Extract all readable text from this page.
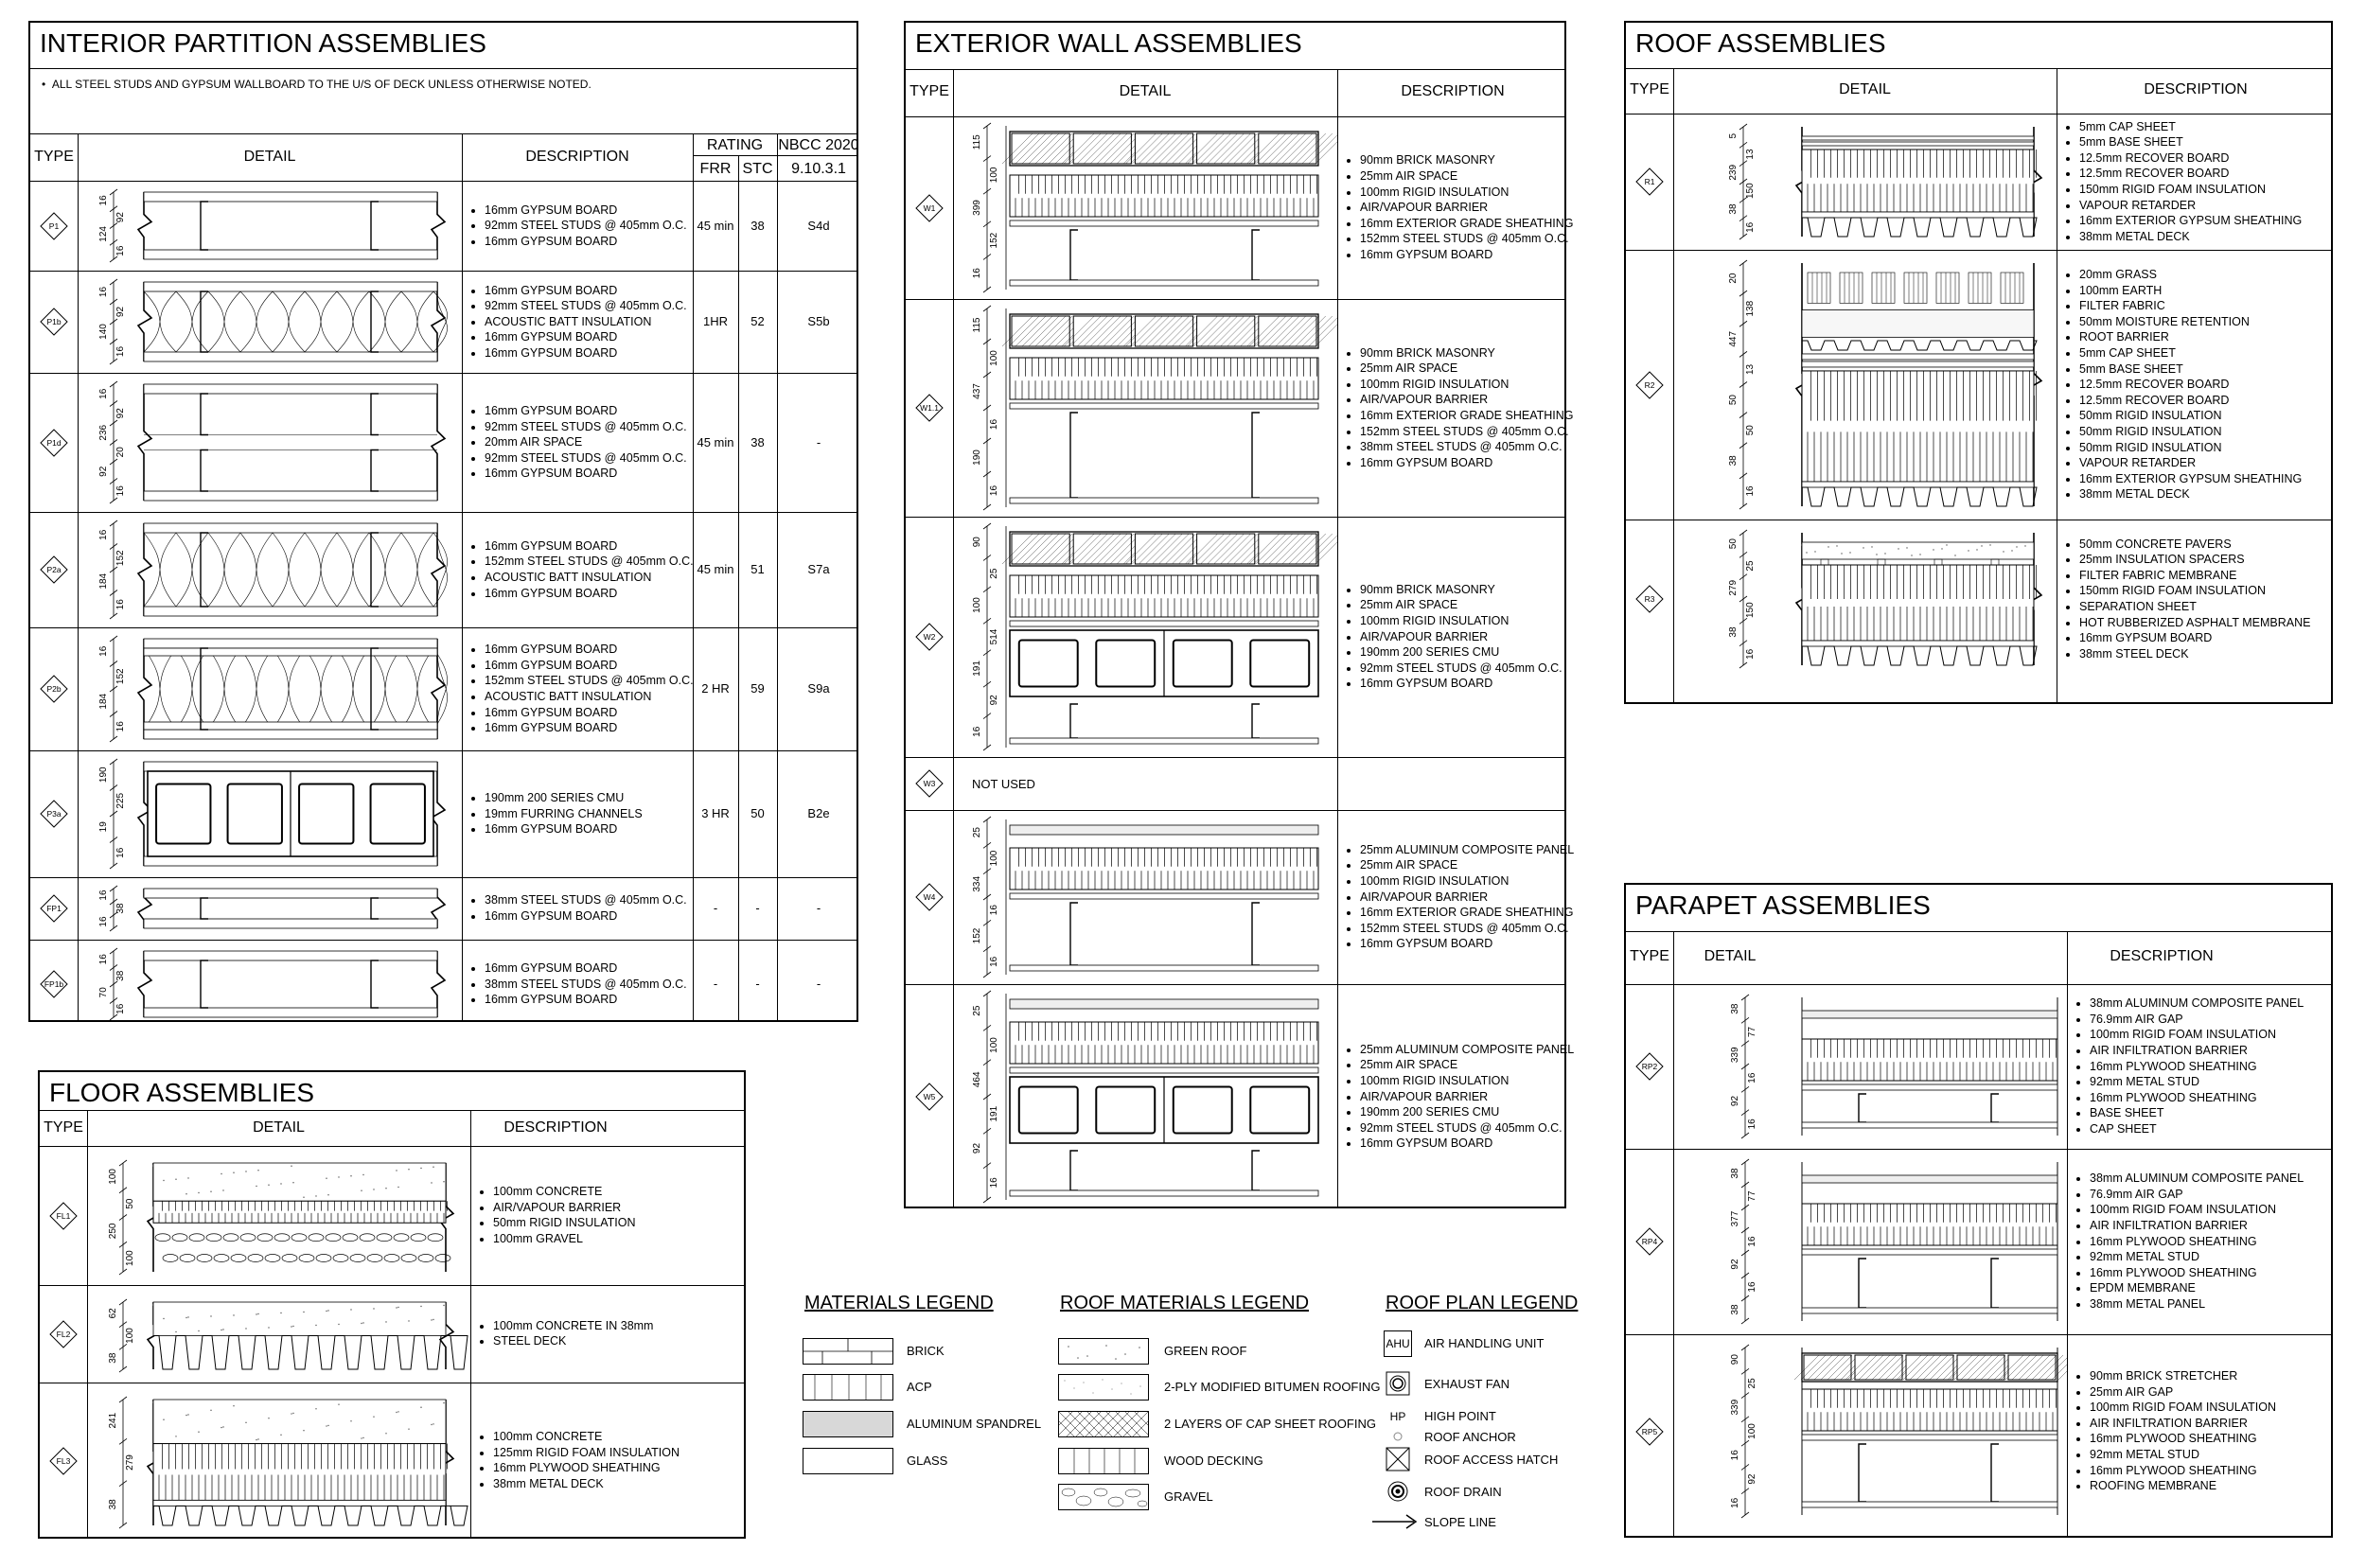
INTERIOR PARTITION ASSEMBLIES
•  ALL STEEL STUDS AND GYPSUM WALLBOARD TO THE U/S OF DECK UNLESS OTHERWISE NOTED.
TYPE	DETAIL	DESCRIPTION
RATING	NBCC 2020
FRR STC	9.10.3.1
P1
16
92
124
16
• 16mm GYPSUM BOARD
• 92mm STEEL STUDS @ 405mm O.C.
• 16mm GYPSUM BOARD
45 min	38	S4d
P1b
16
92
140
16
• 16mm GYPSUM BOARD
• 92mm STEEL STUDS @ 405mm O.C.
• ACOUSTIC BATT INSULATION
• 16mm GYPSUM BOARD
• 16mm GYPSUM BOARD
1HR	52	S5b
P1d
16
92
236
20
92
16
• 16mm GYPSUM BOARD
• 92mm STEEL STUDS @ 405mm O.C.
• 20mm AIR SPACE
• 92mm STEEL STUDS @ 405mm O.C.
• 16mm GYPSUM BOARD
45 min	38	-
P2a
16
152
184
16
• 16mm GYPSUM BOARD
• 152mm STEEL STUDS @ 405mm O.C.
• ACOUSTIC BATT INSULATION
• 16mm GYPSUM BOARD
45 min	51	S7a
P2b
16
152
184
16
• 16mm GYPSUM BOARD
• 16mm GYPSUM BOARD
• 152mm STEEL STUDS @ 405mm O.C.
• ACOUSTIC BATT INSULATION
• 16mm GYPSUM BOARD
• 16mm GYPSUM BOARD
2 HR	59	S9a
P3a
190
225
19
16
• 190mm 200 SERIES CMU
• 19mm FURRING CHANNELS
• 16mm GYPSUM BOARD
3 HR	50	B2e
FP1
16
38
16
• 38mm STEEL STUDS @ 405mm O.C.
• 16mm GYPSUM BOARD
-	-	-
FP1b
16
38
70
16
• 16mm GYPSUM BOARD
• 38mm STEEL STUDS @ 405mm O.C.
• 16mm GYPSUM BOARD
-	-	-
FLOOR ASSEMBLIES
TYPE	DETAIL	DESCRIPTION
FL1
100
50
250
100
• 100mm CONCRETE
• AIR/VAPOUR BARRIER
• 50mm RIGID INSULATION
• 100mm GRAVEL
FL2
62
100
38
• 100mm CONCRETE IN 38mm
• STEEL DECK
FL3
241
279
38
• 100mm CONCRETE
• 125mm RIGID FOAM INSULATION
• 16mm PLYWOOD SHEATHING
• 38mm METAL DECK
EXTERIOR WALL ASSEMBLIES
TYPE	DETAIL	DESCRIPTION
W1
115
100
399
152
16
• 90mm BRICK MASONRY
• 25mm AIR SPACE
• 100mm RIGID INSULATION
• AIR/VAPOUR BARRIER
• 16mm EXTERIOR GRADE SHEATHING
• 152mm STEEL STUDS @ 405mm O.C.
• 16mm GYPSUM BOARD
W1.1
115
100
437
16
190
16
• 90mm BRICK MASONRY
• 25mm AIR SPACE
• 100mm RIGID INSULATION
• AIR/VAPOUR BARRIER
• 16mm EXTERIOR GRADE SHEATHING
• 152mm STEEL STUDS @ 405mm O.C.
• 38mm STEEL STUDS @ 405mm O.C.
• 16mm GYPSUM BOARD
W2
90
25
100
514
191
92
16
• 90mm BRICK MASONRY
• 25mm AIR SPACE
• 100mm RIGID INSULATION
• AIR/VAPOUR BARRIER
• 190mm 200 SERIES CMU
• 92mm STEEL STUDS @ 405mm O.C.
• 16mm GYPSUM BOARD
W3	NOT USED
W4
25
100
334
16
152
16
• 25mm ALUMINUM COMPOSITE PANEL
• 25mm AIR SPACE
• 100mm RIGID INSULATION
• AIR/VAPOUR BARRIER
• 16mm EXTERIOR GRADE SHEATHING
• 152mm STEEL STUDS @ 405mm O.C.
• 16mm GYPSUM BOARD
W5
25
100
464
191
92
16
• 25mm ALUMINUM COMPOSITE PANEL
• 25mm AIR SPACE
• 100mm RIGID INSULATION
• AIR/VAPOUR BARRIER
• 190mm 200 SERIES CMU
• 92mm STEEL STUDS @ 405mm O.C.
• 16mm GYPSUM BOARD
ROOF ASSEMBLIES
TYPE	DETAIL	DESCRIPTION
R1
5
13
239
150
38
16
• 5mm CAP SHEET
• 5mm BASE SHEET
• 12.5mm RECOVER BOARD
• 12.5mm RECOVER BOARD
• 150mm RIGID FOAM INSULATION
• VAPOUR RETARDER
• 16mm EXTERIOR GYPSUM SHEATHING
• 38mm METAL DECK
R2
20
138
447
13
50
50
38
16
• 20mm GRASS
• 100mm EARTH
• FILTER FABRIC
• 50mm MOISTURE RETENTION
• ROOT BARRIER
• 5mm CAP SHEET
• 5mm BASE SHEET
• 12.5mm RECOVER BOARD
• 12.5mm RECOVER BOARD
• 50mm RIGID INSULATION
• 50mm RIGID INSULATION
• 50mm RIGID INSULATION
• VAPOUR RETARDER
• 16mm EXTERIOR GYPSUM SHEATHING
• 38mm METAL DECK
R3
50
25
279
150
38
16
• 50mm CONCRETE PAVERS
• 25mm INSULATION SPACERS
• FILTER FABRIC MEMBRANE
• 150mm RIGID FOAM INSULATION
• SEPARATION SHEET
• HOT RUBBERIZED ASPHALT MEMBRANE
• 16mm GYPSUM BOARD
• 38mm STEEL DECK
PARAPET ASSEMBLIES
TYPE	DETAIL	DESCRIPTION
RP2
38
77
339
16
92
16
• 38mm ALUMINUM COMPOSITE PANEL
• 76.9mm AIR GAP
• 100mm RIGID FOAM INSULATION
• AIR INFILTRATION BARRIER
• 16mm PLYWOOD SHEATHING
• 92mm METAL STUD
• 16mm PLYWOOD SHEATHING
• BASE SHEET
• CAP SHEET
RP4
38
77
377
16
92
16
38
• 38mm ALUMINUM COMPOSITE PANEL
• 76.9mm AIR GAP
• 100mm RIGID FOAM INSULATION
• AIR INFILTRATION BARRIER
• 16mm PLYWOOD SHEATHING
• 92mm METAL STUD
• 16mm PLYWOOD SHEATHING
• EPDM MEMBRANE
• 38mm METAL PANEL
RP5
90
25
339
100
16
92
16
• 90mm BRICK STRETCHER
• 25mm AIR GAP
• 100mm RIGID FOAM INSULATION
• AIR INFILTRATION BARRIER
• 16mm PLYWOOD SHEATHING
• 92mm METAL STUD
• 16mm PLYWOOD SHEATHING
• ROOFING MEMBRANE
MATERIALS LEGEND
BRICK
ACP
ALUMINUM SPANDREL
GLASS
ROOF MATERIALS LEGEND
GREEN ROOF
2-PLY MODIFIED BITUMEN ROOFING
2 LAYERS OF CAP SHEET ROOFING
WOOD DECKING
GRAVEL
ROOF PLAN LEGEND
AHU
HP
AIR HANDLING UNIT
EXHAUST FAN
HIGH POINT
ROOF ANCHOR
ROOF ACCESS HATCH
ROOF DRAIN
SLOPE LINE
